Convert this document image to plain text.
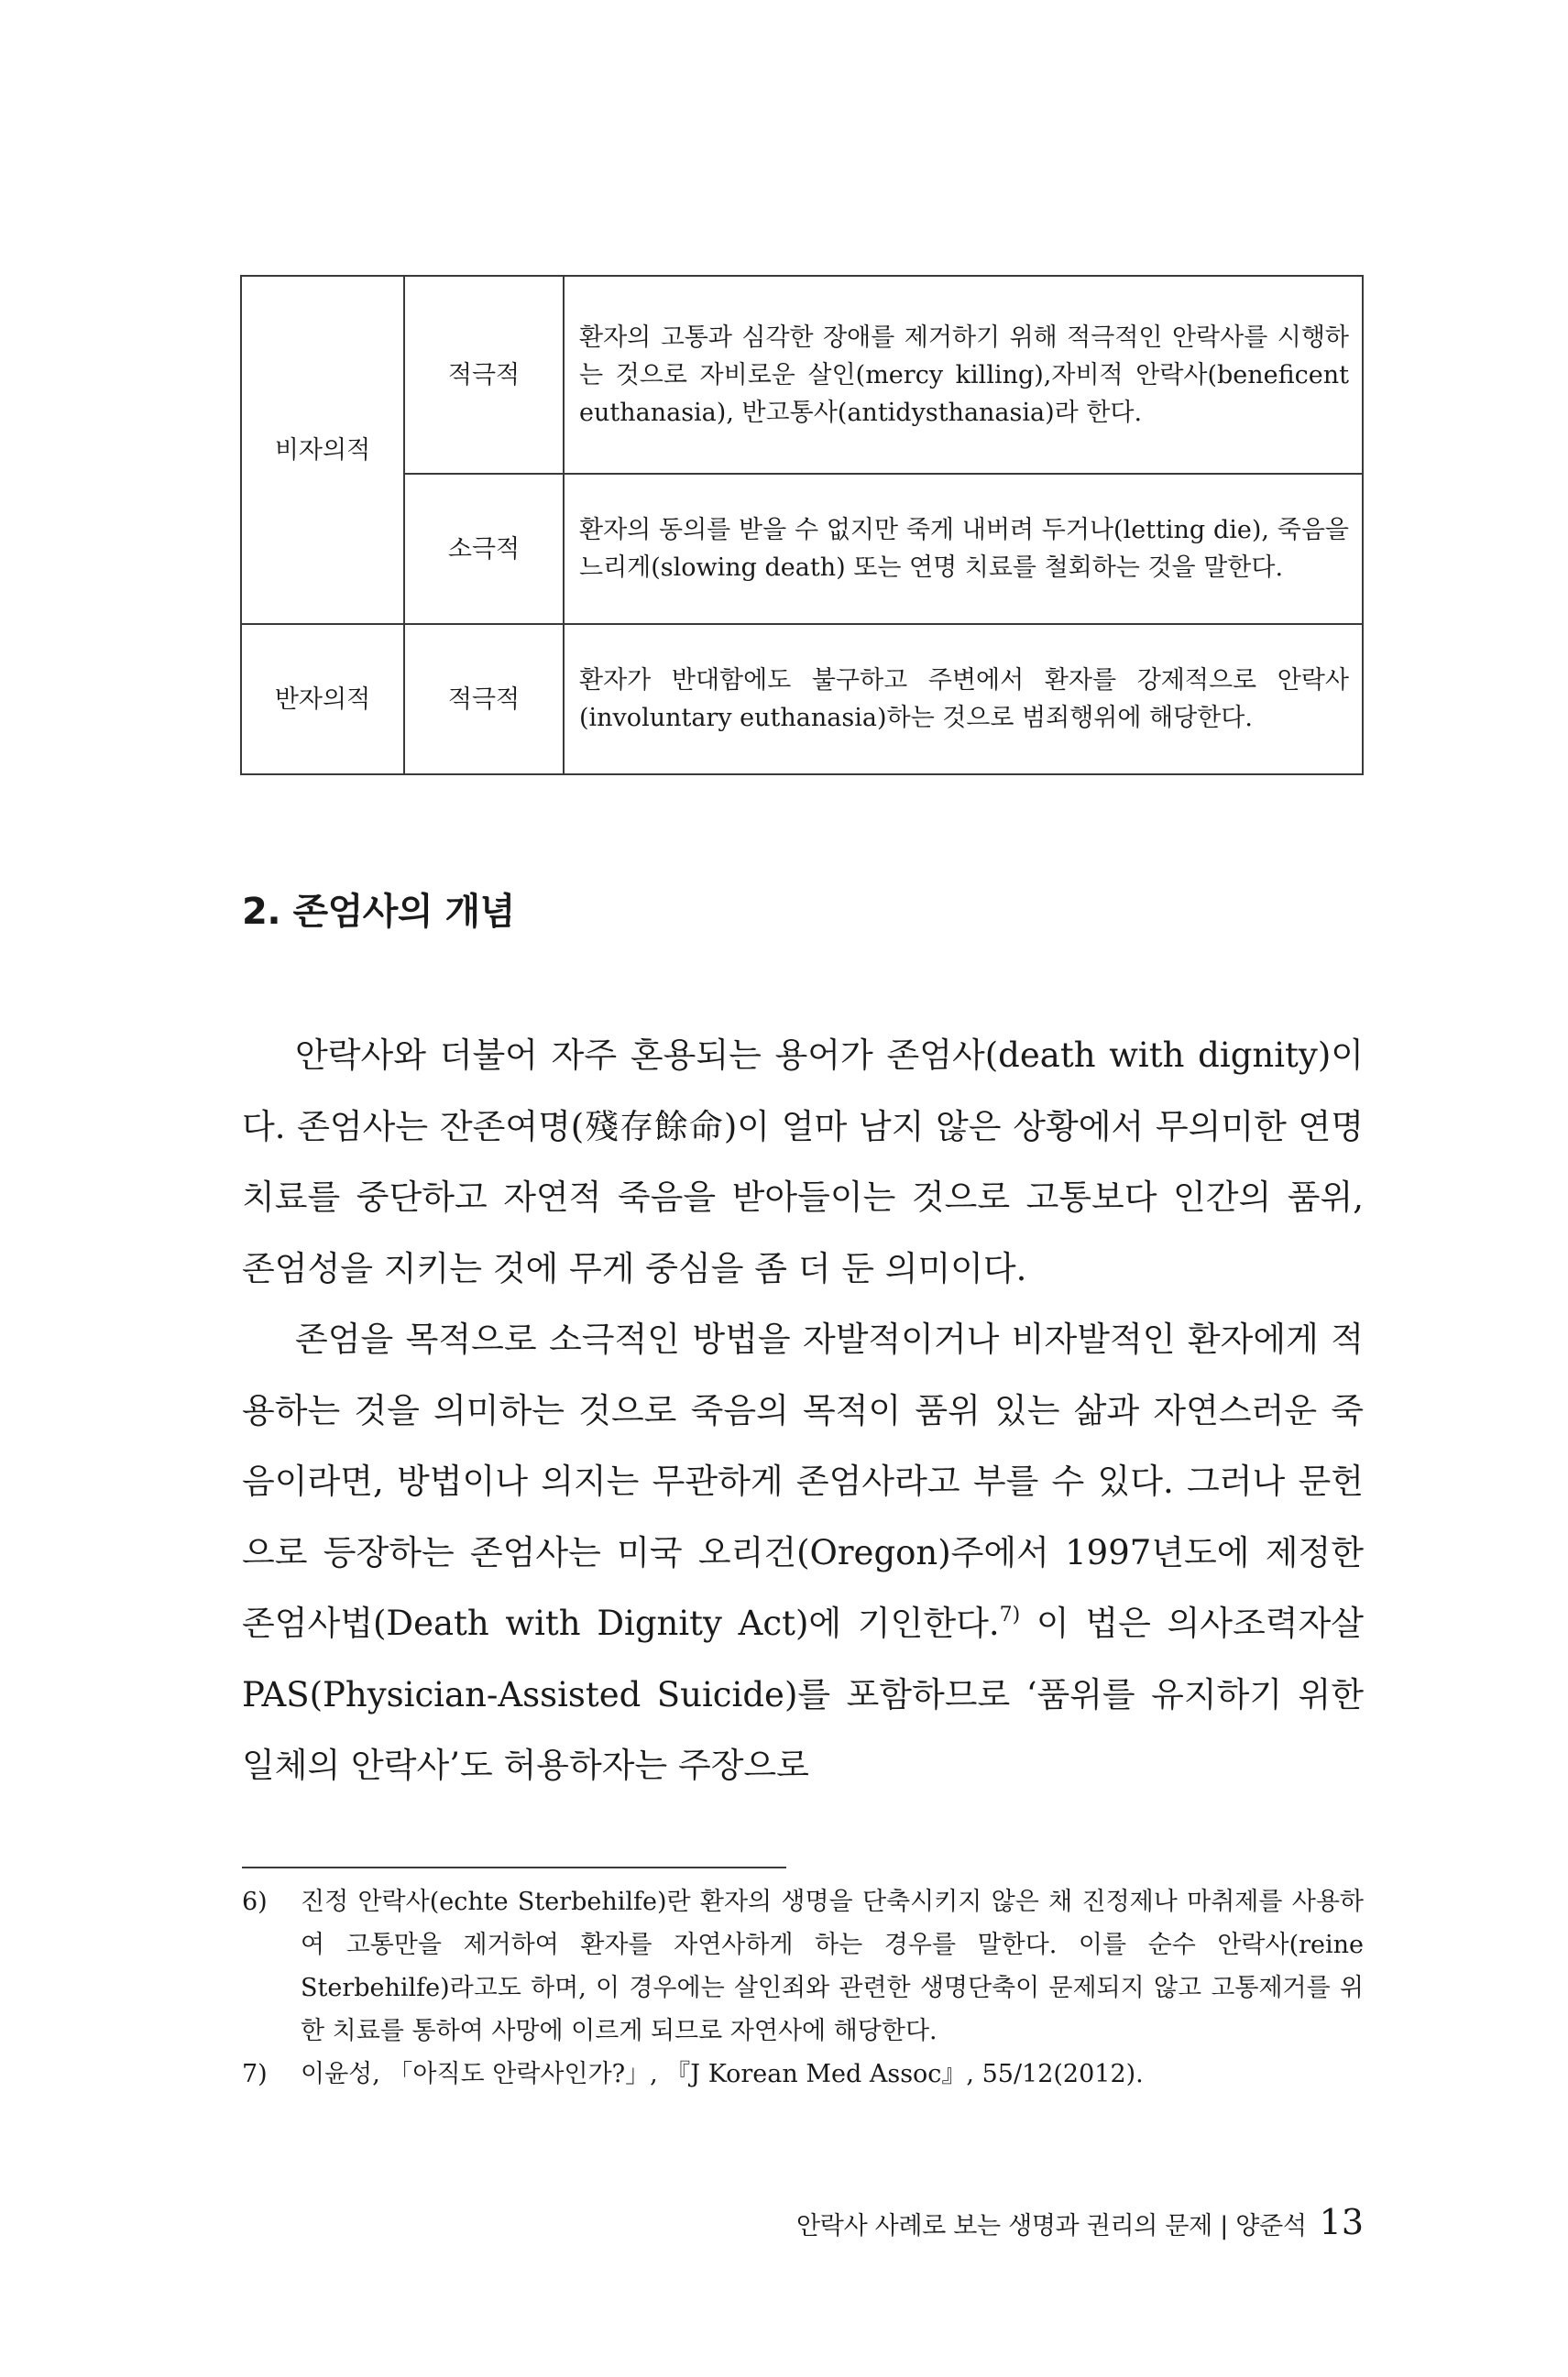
비자의적	적극적	환자의 고통과 심각한 장애를 제거하기 위해 적극적인 안락사를 시행하는 것으로 자비로운 살인(mercy killing),자비적 안락사(beneficent euthanasia), 반고통사(antidysthanasia)라 한다.
	소극적	환자의 동의를 받을 수 없지만 죽게 내버려 두거나(letting die), 죽음을 느리게(slowing death) 또는 연명 치료를 철회하는 것을 말한다.
반자의적	적극적	환자가 반대함에도 불구하고 주변에서 환자를 강제적으로 안락사(involuntary euthanasia)하는 것으로 범죄행위에 해당한다.
2. 존엄사의 개념

안락사와 더불어 자주 혼용되는 용어가 존엄사(death with dignity)이다. 존엄사는 잔존여명(殘存餘命)이 얼마 남지 않은 상황에서 무의미한 연명 치료를 중단하고 자연적 죽음을 받아들이는 것으로 고통보다 인간의 품위, 존엄성을 지키는 것에 무게 중심을 좀 더 둔 의미이다.

존엄을 목적으로 소극적인 방법을 자발적이거나 비자발적인 환자에게 적용하는 것을 의미하는 것으로 죽음의 목적이 품위 있는 삶과 자연스러운 죽음이라면, 방법이나 의지는 무관하게 존엄사라고 부를 수 있다. 그러나 문헌으로 등장하는 존엄사는 미국 오리건(Oregon)주에서 1997년도에 제정한 존엄사법(Death with Dignity Act)에 기인한다.$^{7)}$ 이 법은 의사조력자살 PAS(Physician-Assisted Suicide)를 포함하므로 ‘품위를 유지하기 위한 일체의 안락사’도 허용하자는 주장으로

6) 진정 안락사(echte Sterbehilfe)란 환자의 생명을 단축시키지 않은 채 진정제나 마취제를 사용하여 고통만을 제거하여 환자를 자연사하게 하는 경우를 말한다. 이를 순수 안락사(reine Sterbehilfe)라고도 하며, 이 경우에는 살인죄와 관련한 생명단축이 문제되지 않고 고통제거를 위한 치료를 통하여 사망에 이르게 되므로 자연사에 해당한다.
7) 이윤성, 「아직도 안락사인가?」, 『J Korean Med Assoc』, 55/12(2012).
안락사 사례로 보는 생명과 권리의 문제 | 양준석 13
